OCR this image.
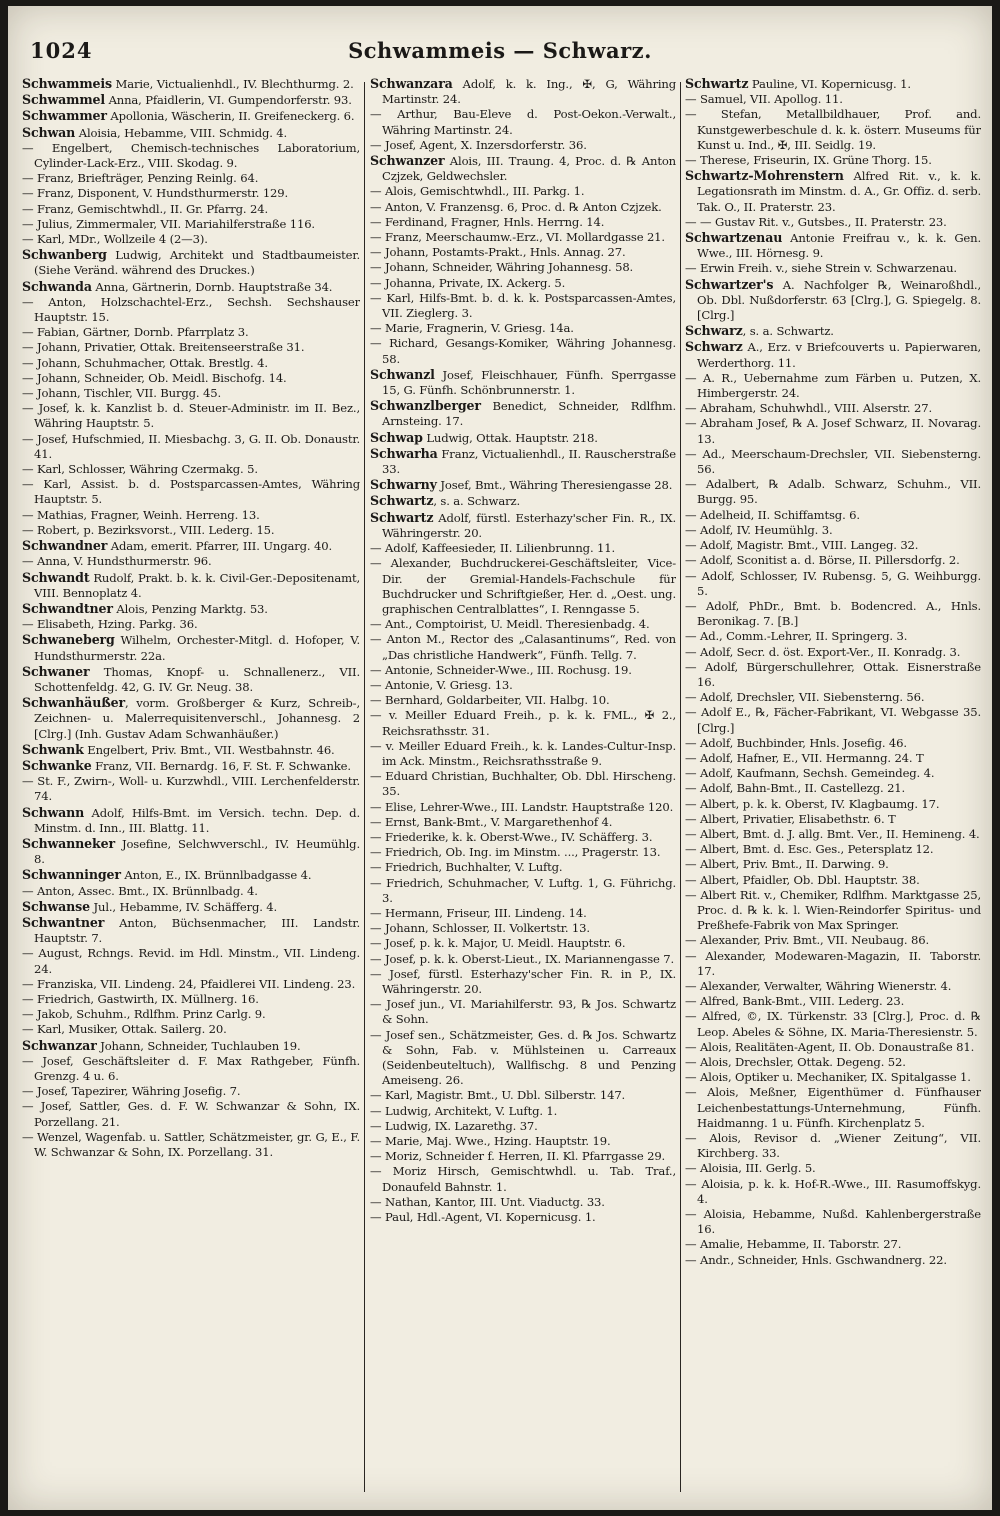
1024	Schwammeis — Schwarz.

Schwammeis Marie, Victualienhdl., IV. Blechthurmg. 2.

Schwammel Anna, Pfaidlerin, VI. Gumpendorferstr. 93.

Schwammer Apollonia, Wäscherin, II. Greifeneckerg. 6.

Schwan Aloisia, Hebamme, VIII. Schmidg. 4.

— Engelbert, Chemisch-technisches Laboratorium, Cylinder-Lack-Erz., VIII. Skodag. 9.

— Franz, Briefträger, Penzing Reinlg. 64.

— Franz, Disponent, V. Hundsthurmerstr. 129.

— Franz, Gemischtwhdl., II. Gr. Pfarrg. 24.

— Julius, Zimmermaler, VII. Mariahilferstraße 116.

— Karl, MDr., Wollzeile 4 (2—3).

Schwanberg Ludwig, Architekt und Stadtbaumeister. (Siehe Veränd. während des Druckes.)

Schwanda Anna, Gärtnerin, Dornb. Hauptstraße 34.

— Anton, Holzschachtel-Erz., Sechsh. Sechshauser Hauptstr. 15.

— Fabian, Gärtner, Dornb. Pfarrplatz 3.

— Johann, Privatier, Ottak. Breitenseerstraße 31.

— Johann, Schuhmacher, Ottak. Brestlg. 4.

— Johann, Schneider, Ob. Meidl. Bischofg. 14.

— Johann, Tischler, VII. Burgg. 45.

— Josef, k. k. Kanzlist b. d. Steuer-Administr. im II. Bez., Währing Hauptstr. 5.

— Josef, Hufschmied, II. Miesbachg. 3, G. II. Ob. Donaustr. 41.

— Karl, Schlosser, Währing Czermakg. 5.

— Karl, Assist. b. d. Postsparcassen-Amtes, Währing Hauptstr. 5.

— Mathias, Fragner, Weinh. Herreng. 13.

— Robert, p. Bezirksvorst., VIII. Lederg. 15.

Schwandner Adam, emerit. Pfarrer, III. Ungarg. 40.

— Anna, V. Hundsthurmerstr. 96.

Schwandt Rudolf, Prakt. b. k. k. Civil-Ger.-Depositenamt, VIII. Bennoplatz 4.

Schwandtner Alois, Penzing Marktg. 53.

— Elisabeth, Hzing. Parkg. 36.

Schwaneberg Wilhelm, Orchester-Mitgl. d. Hofoper, V. Hundsthurmerstr. 22a.

Schwaner Thomas, Knopf- u. Schnallenerz., VII. Schottenfeldg. 42, G. IV. Gr. Neug. 38.

Schwanhäußer, vorm. Großberger & Kurz, Schreib-, Zeichnen- u. Malerrequisitenverschl., Johannesg. 2 [Clrg.] (Inh. Gustav Adam Schwanhäußer.)

Schwank Engelbert, Priv. Bmt., VII. Westbahnstr. 46.

Schwanke Franz, VII. Bernardg. 16, F. St. F. Schwanke.

— St. F., Zwirn-, Woll- u. Kurzwhdl., VIII. Lerchenfelderstr. 74.

Schwann Adolf, Hilfs-Bmt. im Versich. techn. Dep. d. Minstm. d. Inn., III. Blattg. 11.

Schwanneker Josefine, Selchwverschl., IV. Heumühlg. 8.

Schwanninger Anton, E., IX. Brünnlbadgasse 4.

— Anton, Assec. Bmt., IX. Brünnlbadg. 4.

Schwanse Jul., Hebamme, IV. Schäfferg. 4.

Schwantner Anton, Büchsenmacher, III. Landstr. Hauptstr. 7.

— August, Rchngs. Revid. im Hdl. Minstm., VII. Lindeng. 24.

— Franziska, VII. Lindeng. 24, Pfaidlerei VII. Lindeng. 23.

— Friedrich, Gastwirth, IX. Müllnerg. 16.

— Jakob, Schuhm., Rdlfhm. Prinz Carlg. 9.

— Karl, Musiker, Ottak. Sailerg. 20.

Schwanzar Johann, Schneider, Tuchlauben 19.

— Josef, Geschäftsleiter d. F. Max Rathgeber, Fünfh. Grenzg. 4 u. 6.

— Josef, Tapezirer, Währing Josefig. 7.

— Josef, Sattler, Ges. d. F. W. Schwanzar & Sohn, IX. Porzellang. 21.

— Wenzel, Wagenfab. u. Sattler, Schätzmeister, gr. G, E., F. W. Schwanzar & Sohn, IX. Porzellang. 31.

Schwanzara Adolf, k. k. Ing., ✠, G, Währing Martinstr. 24.

— Arthur, Bau-Eleve d. Post-Oekon.-Verwalt., Währing Martinstr. 24.

— Josef, Agent, X. Inzersdorferstr. 36.

Schwanzer Alois, III. Traung. 4, Proc. d. ℞ Anton Czjzek, Geldwechsler.

— Alois, Gemischtwhdl., III. Parkg. 1.

— Anton, V. Franzensg. 6, Proc. d. ℞ Anton Czjzek.

— Ferdinand, Fragner, Hnls. Herrng. 14.

— Franz, Meerschaumw.-Erz., VI. Mollardgasse 21.

— Johann, Postamts-Prakt., Hnls. Annag. 27.

— Johann, Schneider, Währing Johannesg. 58.

— Johanna, Private, IX. Ackerg. 5.

— Karl, Hilfs-Bmt. b. d. k. k. Postsparcassen-Amtes, VII. Zieglerg. 3.

— Marie, Fragnerin, V. Griesg. 14a.

— Richard, Gesangs-Komiker, Währing Johannesg. 58.

Schwanzl Josef, Fleischhauer, Fünfh. Sperrgasse 15, G. Fünfh. Schönbrunnerstr. 1.

Schwanzlberger Benedict, Schneider, Rdlfhm. Arnsteing. 17.

Schwap Ludwig, Ottak. Hauptstr. 218.

Schwarha Franz, Victualienhdl., II. Rauscherstraße 33.

Schwarny Josef, Bmt., Währing Theresiengasse 28.

Schwartz, s. a. Schwarz.

Schwartz Adolf, fürstl. Esterhazy'scher Fin. R., IX. Währingerstr. 20.

— Adolf, Kaffeesieder, II. Lilienbrunng. 11.

— Alexander, Buchdruckerei-Geschäftsleiter, Vice-Dir. der Gremial-Handels-Fachschule für Buchdrucker und Schriftgießer, Her. d. „Oest. ung. graphischen Centralblattes“, I. Renngasse 5.

— Ant., Comptoirist, U. Meidl. Theresienbadg. 4.

— Anton M., Rector des „Calasantinums“, Red. von „Das christliche Handwerk“, Fünfh. Tellg. 7.

— Antonie, Schneider-Wwe., III. Rochusg. 19.

— Antonie, V. Griesg. 13.

— Bernhard, Goldarbeiter, VII. Halbg. 10.

— v. Meiller Eduard Freih., p. k. k. FML., ✠ 2., Reichsrathsstr. 31.

— v. Meiller Eduard Freih., k. k. Landes-Cultur-Insp. im Ack. Minstm., Reichsrathsstraße 9.

— Eduard Christian, Buchhalter, Ob. Dbl. Hirscheng. 35.

— Elise, Lehrer-Wwe., III. Landstr. Hauptstraße 120.

— Ernst, Bank-Bmt., V. Margarethenhof 4.

— Friederike, k. k. Oberst-Wwe., IV. Schäfferg. 3.

— Friedrich, Ob. Ing. im Minstm. ..., Pragerstr. 13.

— Friedrich, Buchhalter, V. Luftg.

— Friedrich, Schuhmacher, V. Luftg. 1, G. Führichg. 3.

— Hermann, Friseur, III. Lindeng. 14.

— Johann, Schlosser, II. Volkertstr. 13.

— Josef, p. k. k. Major, U. Meidl. Hauptstr. 6.

— Josef, p. k. k. Oberst-Lieut., IX. Mariannengasse 7.

— Josef, fürstl. Esterhazy'scher Fin. R. in P., IX. Währingerstr. 20.

— Josef jun., VI. Mariahilferstr. 93, ℞ Jos. Schwartz & Sohn.

— Josef sen., Schätzmeister, Ges. d. ℞ Jos. Schwartz & Sohn, Fab. v. Mühlsteinen u. Carreaux (Seidenbeuteltuch), Wallfischg. 8 und Penzing Ameiseng. 26.

— Karl, Magistr. Bmt., U. Dbl. Silberstr. 147.

— Ludwig, Architekt, V. Luftg. 1.

— Ludwig, IX. Lazarethg. 37.

— Marie, Maj. Wwe., Hzing. Hauptstr. 19.

— Moriz, Schneider f. Herren, II. Kl. Pfarrgasse 29.

— Moriz Hirsch, Gemischtwhdl. u. Tab. Traf., Donaufeld Bahnstr. 1.

— Nathan, Kantor, III. Unt. Viaductg. 33.

— Paul, Hdl.-Agent, VI. Kopernicusg. 1.

Schwartz Pauline, VI. Kopernicusg. 1.

— Samuel, VII. Apollog. 11.

— Stefan, Metallbildhauer, Prof. and. Kunstgewerbeschule d. k. k. österr. Museums für Kunst u. Ind., ✠, III. Seidlg. 19.

— Therese, Friseurin, IX. Grüne Thorg. 15.

Schwartz-Mohrenstern Alfred Rit. v., k. k. Legationsrath im Minstm. d. A., Gr. Offiz. d. serb. Tak. O., II. Praterstr. 23.

— — Gustav Rit. v., Gutsbes., II. Praterstr. 23.

Schwartzenau Antonie Freifrau v., k. k. Gen. Wwe., III. Hörnesg. 9.

— Erwin Freih. v., siehe Strein v. Schwarzenau.

Schwartzer's A. Nachfolger ℞, Weinaroßhdl., Ob. Dbl. Nußdorferstr. 63 [Clrg.], G. Spiegelg. 8. [Clrg.]

Schwarz, s. a. Schwartz.

Schwarz A., Erz. v Briefcouverts u. Papierwaren, Werderthorg. 11.

— A. R., Uebernahme zum Färben u. Putzen, X. Himbergerstr. 24.

— Abraham, Schuhwhdl., VIII. Alserstr. 27.

— Abraham Josef, ℞ A. Josef Schwarz, II. Novarag. 13.

— Ad., Meerschaum-Drechsler, VII. Siebensterng. 56.

— Adalbert, ℞ Adalb. Schwarz, Schuhm., VII. Burgg. 95.

— Adelheid, II. Schiffamtsg. 6.

— Adolf, IV. Heumühlg. 3.

— Adolf, Magistr. Bmt., VIII. Langeg. 32.

— Adolf, Sconitist a. d. Börse, II. Pillersdorfg. 2.

— Adolf, Schlosser, IV. Rubensg. 5, G. Weihburgg. 5.

— Adolf, PhDr., Bmt. b. Bodencred. A., Hnls. Beronikag. 7. [B.]

— Ad., Comm.-Lehrer, II. Springerg. 3.

— Adolf, Secr. d. öst. Export-Ver., II. Konradg. 3.

— Adolf, Bürgerschullehrer, Ottak. Eisnerstraße 16.

— Adolf, Drechsler, VII. Siebensterng. 56.

— Adolf E., ℞, Fächer-Fabrikant, VI. Webgasse 35. [Clrg.]

— Adolf, Buchbinder, Hnls. Josefig. 46.

— Adolf, Hafner, E., VII. Hermanng. 24. T

— Adolf, Kaufmann, Sechsh. Gemeindeg. 4.

— Adolf, Bahn-Bmt., II. Castellezg. 21.

— Albert, p. k. k. Oberst, IV. Klagbaumg. 17.

— Albert, Privatier, Elisabethstr. 6. T

— Albert, Bmt. d. J. allg. Bmt. Ver., II. Hemineng. 4.

— Albert, Bmt. d. Esc. Ges., Petersplatz 12.

— Albert, Priv. Bmt., II. Darwing. 9.

— Albert, Pfaidler, Ob. Dbl. Hauptstr. 38.

— Albert Rit. v., Chemiker, Rdlfhm. Marktgasse 25, Proc. d. ℞ k. k. l. Wien-Reindorfer Spiritus- und Preßhefe-Fabrik von Max Springer.

— Alexander, Priv. Bmt., VII. Neubaug. 86.

— Alexander, Modewaren-Magazin, II. Taborstr. 17.

— Alexander, Verwalter, Währing Wienerstr. 4.

— Alfred, Bank-Bmt., VIII. Lederg. 23.

— Alfred, ©, IX. Türkenstr. 33 [Clrg.], Proc. d. ℞ Leop. Abeles & Söhne, IX. Maria-Theresienstr. 5.

— Alois, Realitäten-Agent, II. Ob. Donaustraße 81.

— Alois, Drechsler, Ottak. Degeng. 52.

— Alois, Optiker u. Mechaniker, IX. Spitalgasse 1.

— Alois, Meßner, Eigenthümer d. Fünfhauser Leichenbestattungs-Unternehmung, Fünfh. Haidmanng. 1 u. Fünfh. Kirchenplatz 5.

— Alois, Revisor d. „Wiener Zeitung“, VII. Kirchberg. 33.

— Aloisia, III. Gerlg. 5.

— Aloisia, p. k. k. Hof-R.-Wwe., III. Rasumoffskyg. 4.

— Aloisia, Hebamme, Nußd. Kahlenbergerstraße 16.

— Amalie, Hebamme, II. Taborstr. 27.

— Andr., Schneider, Hnls. Gschwandnerg. 22.
